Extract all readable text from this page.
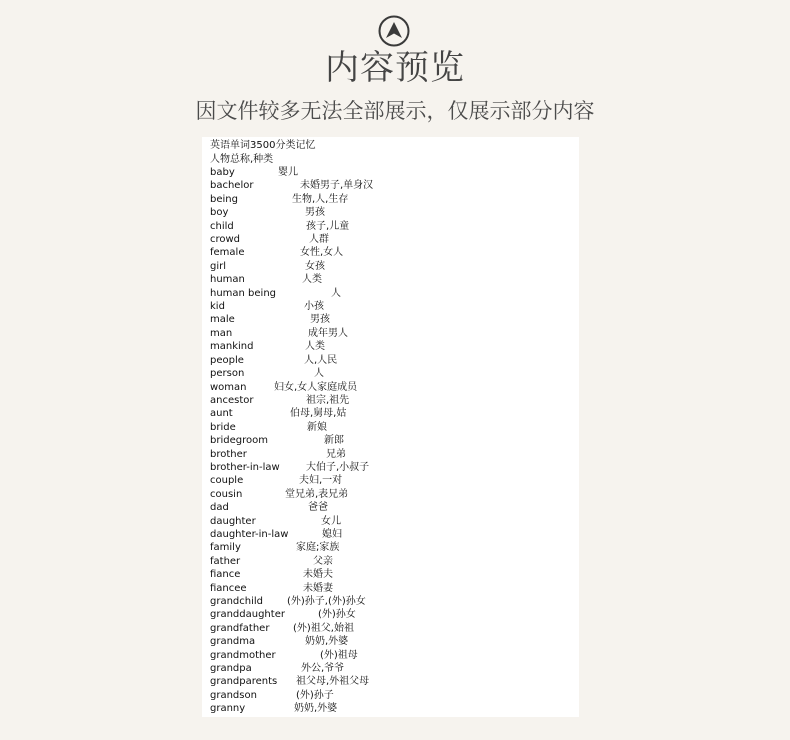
内容预览
因文件较多无法全部展示，仅展示部分内容
英语单词3500分类记忆
人物总称,种类
baby	婴儿
bachelor	未婚男子,单身汉
being	生物,人,生存
boy	男孩
child	孩子,儿童
crowd	人群
female	女性,女人
girl	女孩
human	人类
human being	人
kid	小孩
male	男孩
man	成年男人
mankind	人类
people	人,人民
person	人
woman	妇女,女人家庭成员
ancestor	祖宗,祖先
aunt	伯母,舅母,姑
bride	新娘
bridegroom	新郎
brother	兄弟
brother-in-law	大伯子,小叔子
couple	夫妇,一对
cousin	堂兄弟,表兄弟
dad	爸爸
daughter	女儿
daughter-in-law	媳妇
family	家庭;家族
father	父亲
fiance	未婚夫
fiancee	未婚妻
grandchild (外)孙子,(外)孙女
granddaughter	(外)孙女
grandfather (外)祖父,始祖
grandma	奶奶,外婆
grandmother	(外)祖母
grandpa	外公,爷爷
grandparents 祖父母,外祖父母
grandson	(外)孙子
granny	奶奶,外婆
